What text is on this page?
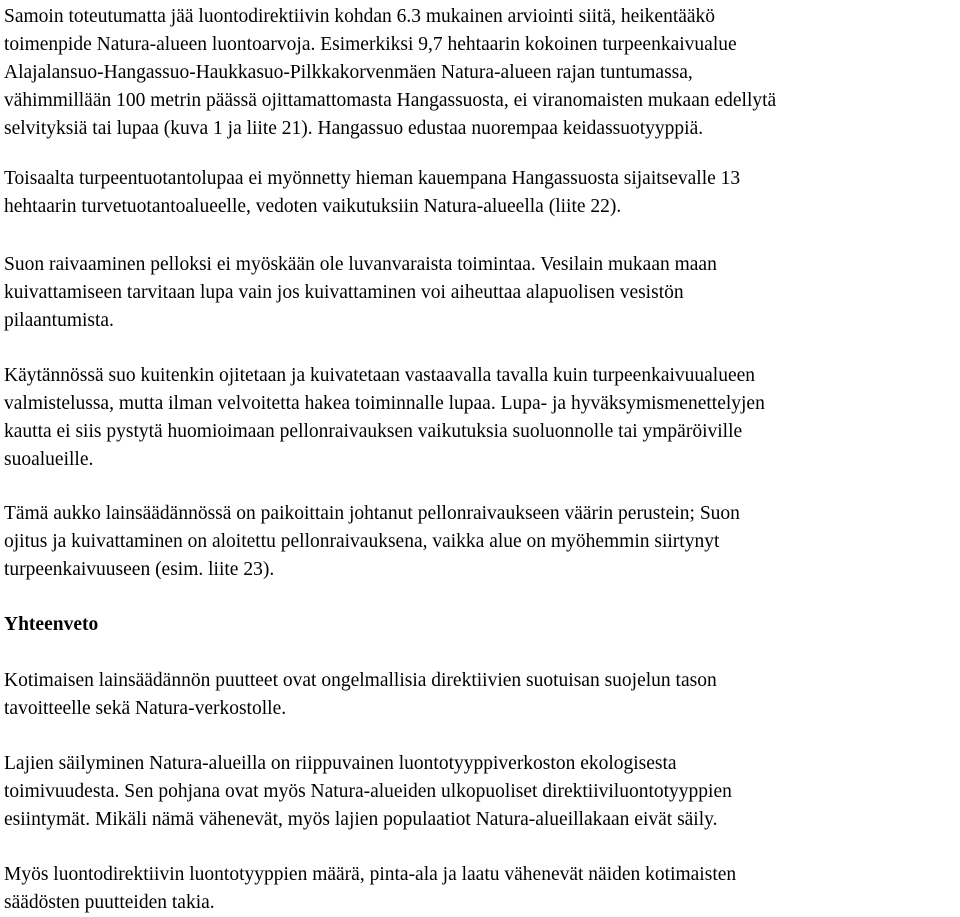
Samoin toteutumatta jää luontodirektiivin kohdan 6.3 mukainen arviointi siitä, heikentääkö
toimenpide Natura-alueen luontoarvoja. Esimerkiksi 9,7 hehtaarin kokoinen turpeenkaivualue
Alajalansuo-Hangassuo-Haukkasuo-Pilkkakorvenmäen Natura-alueen rajan tuntumassa,
vähimmillään 100 metrin päässä ojittamattomasta Hangassuosta, ei viranomaisten mukaan edellytä
selvityksiä tai lupaa (kuva 1 ja liite 21). Hangassuo edustaa nuorempaa keidassuotyyppiä.

Toisaalta turpeentuotantolupaa ei myönnetty hieman kauempana Hangassuosta sijaitsevalle 13
hehtaarin turvetuotantoalueelle, vedoten vaikutuksiin Natura-alueella (liite 22).

Suon raivaaminen pelloksi ei myöskään ole luvanvaraista toimintaa. Vesilain mukaan maan
kuivattamiseen tarvitaan lupa vain jos kuivattaminen voi aiheuttaa alapuolisen vesistön
pilaantumista.

Käytännössä suo kuitenkin ojitetaan ja kuivatetaan vastaavalla tavalla kuin turpeenkaivuualueen
valmistelussa, mutta ilman velvoitetta hakea toiminnalle lupaa. Lupa- ja hyväksymismenettelyjen
kautta ei siis pystytä huomioimaan pellonraivauksen vaikutuksia suoluonnolle tai ympäröiville
suoalueille.

Tämä aukko lainsäädännössä on paikoittain johtanut pellonraivaukseen väärin perustein; Suon
ojitus ja kuivattaminen on aloitettu pellonraivauksena, vaikka alue on myöhemmin siirtynyt
turpeenkaivuuseen (esim. liite 23).

Yhteenveto

Kotimaisen lainsäädännön puutteet ovat ongelmallisia direktiivien suotuisan suojelun tason
tavoitteelle sekä Natura-verkostolle.

Lajien säilyminen Natura-alueilla on riippuvainen luontotyyppiverkoston ekologisesta
toimivuudesta. Sen pohjana ovat myös Natura-alueiden ulkopuoliset direktiiviluontotyyppien
esiintymät. Mikäli nämä vähenevät, myös lajien populaatiot Natura-alueillakaan eivät säily.

Myös luontodirektiivin luontotyyppien määrä, pinta-ala ja laatu vähenevät näiden kotimaisten
säädösten puutteiden takia.
